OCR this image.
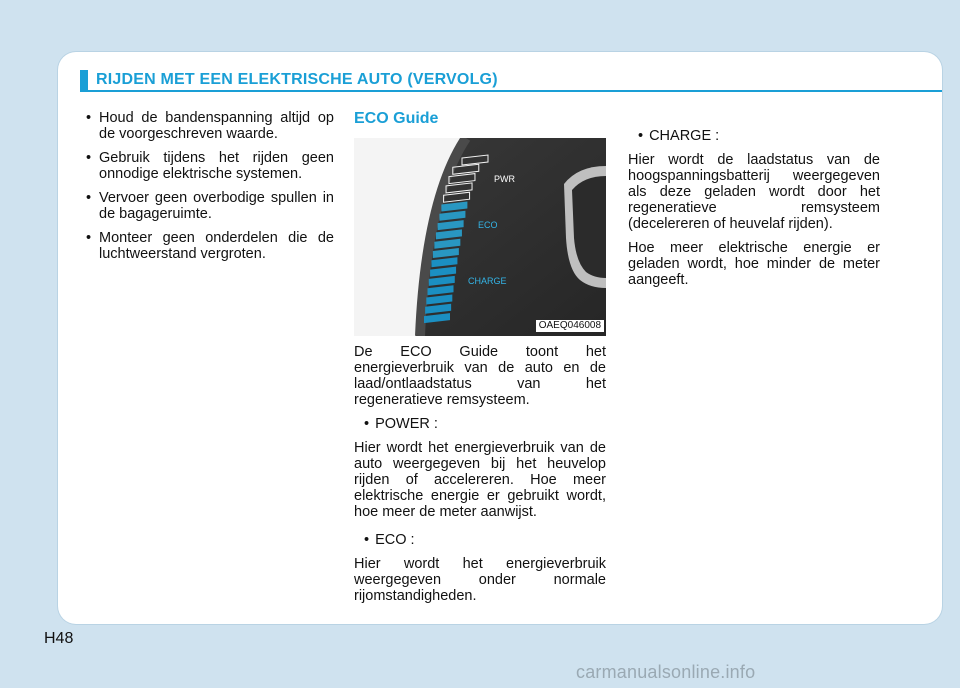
RIJDEN MET EEN ELEKTRISCHE AUTO (VERVOLG)
• Houd de bandenspanning altijd op de voorgeschreven waarde.
• Gebruik tijdens het rijden geen onnodige elektrische systemen.
• Vervoer geen overbodige spullen in de bagageruimte.
• Monteer geen onderdelen die de luchtweerstand vergroten.
ECO Guide
PWR
ECO
CHARGE
OAEQ046008
De ECO Guide toont het energieverbruik van de auto en de laad/ontlaadstatus van het regeneratieve remsysteem.
• POWER :
Hier wordt het energieverbruik van de auto weergegeven bij het heuvelop rijden of accelereren. Hoe meer elektrische energie er gebruikt wordt, hoe meer de meter aanwijst.
• ECO :
Hier wordt het energieverbruik weergegeven onder normale rijomstandigheden.
• CHARGE :
Hier wordt de laadstatus van de hoogspanningsbatterij weergegeven als deze geladen wordt door het regeneratieve remsysteem (decelereren of heuvelaf rijden).
Hoe meer elektrische energie er geladen wordt, hoe minder de meter aangeeft.
H48
carmanualsonline.info
